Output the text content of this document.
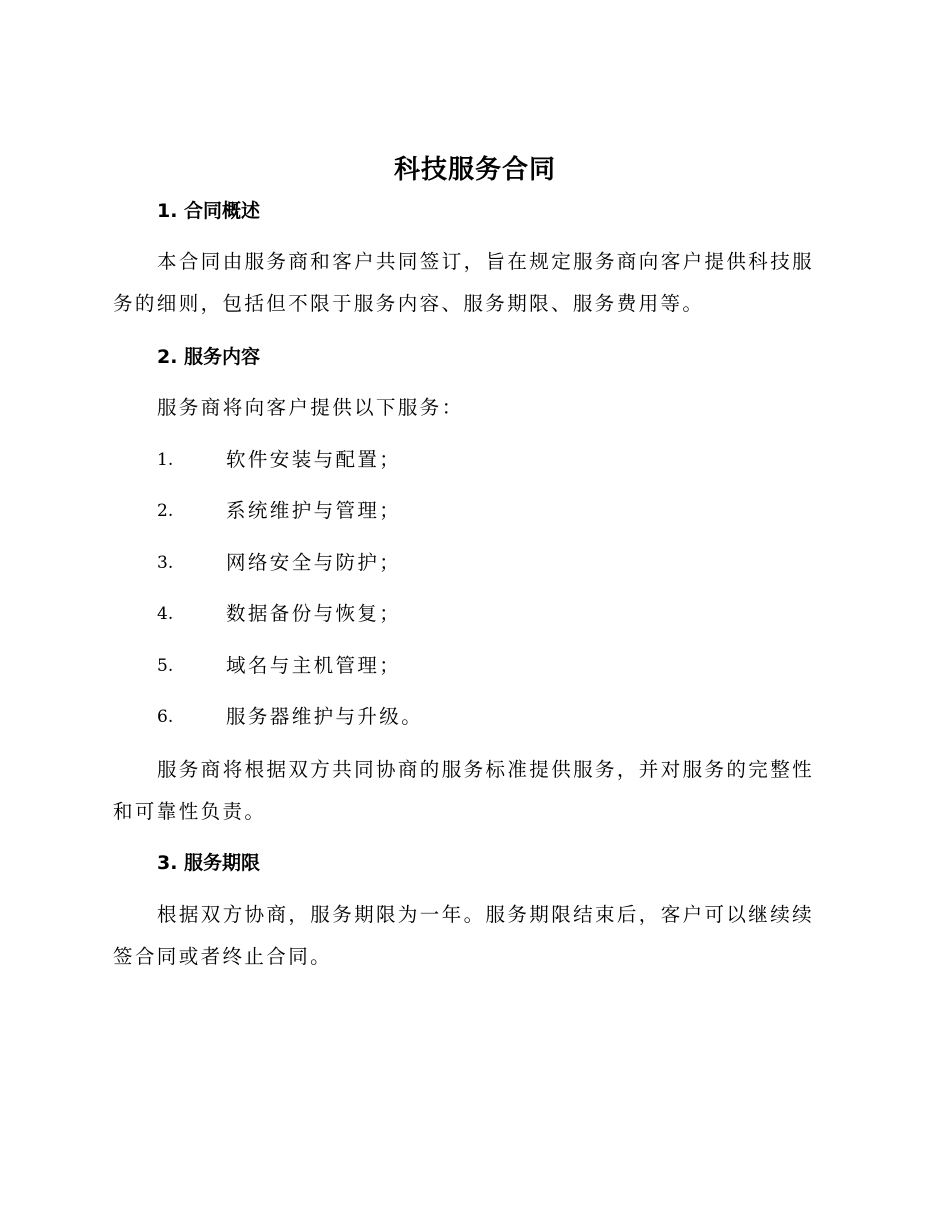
科技服务合同
1. 合同概述

本合同由服务商和客户共同签订，旨在规定服务商向客户提供科技服务的细则，包括但不限于服务内容、服务期限、服务费用等。

2. 服务内容
服务商将向客户提供以下服务：
1.	软件安装与配置；
2.	系统维护与管理；
3.	网络安全与防护；
4.	数据备份与恢复；
5.	域名与主机管理；
6.	服务器维护与升级。

服务商将根据双方共同协商的服务标准提供服务，并对服务的完整性和可靠性负责。

3. 服务期限

根据双方协商，服务期限为一年。服务期限结束后，客户可以继续续签合同或者终止合同。
